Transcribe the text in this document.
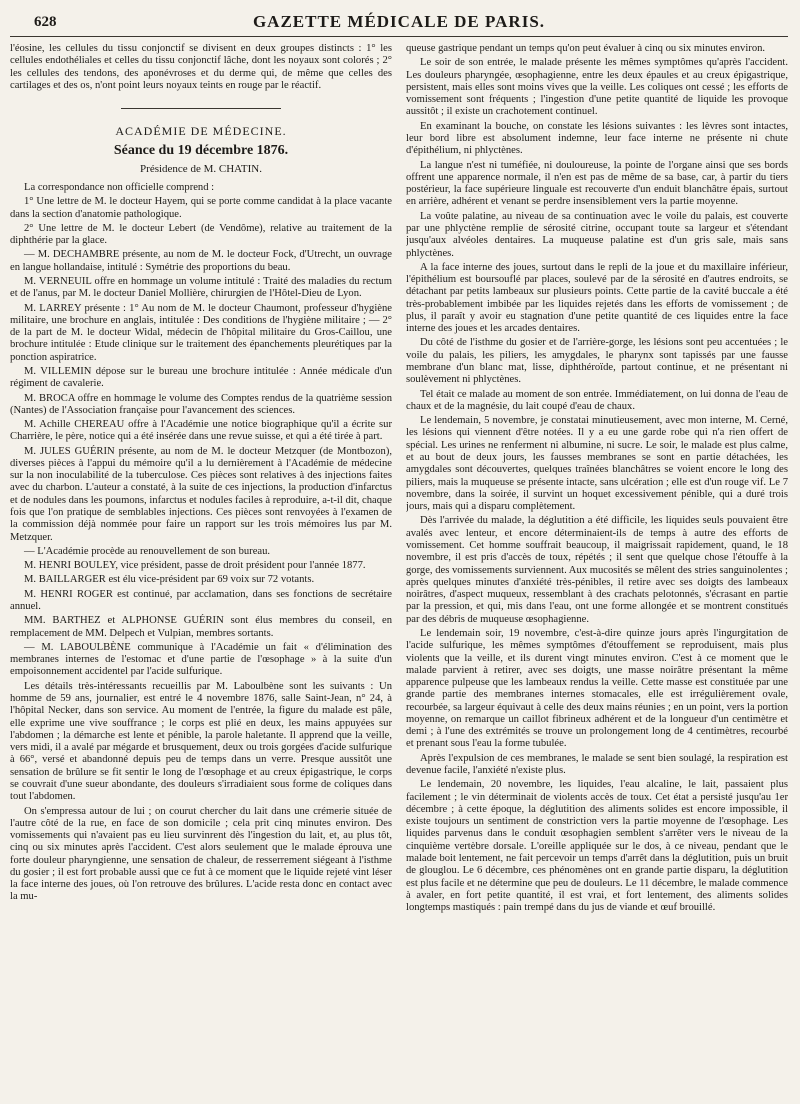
628	GAZETTE MÉDICALE DE PARIS.

l'éosine, les cellules du tissu conjonctif se divisent en deux groupes distincts : 1° les cellules endothéliales et celles du tissu conjonctif lâche, dont les noyaux sont colorés ; 2° les cellules des tendons, des aponévroses et du derme qui, de même que celles des cartilages et des os, n'ont point leurs noyaux teints en rouge par le réactif.

ACADÉMIE DE MÉDECINE.
Séance du 19 décembre 1876.
Présidence de M. CHATIN.

La correspondance non officielle comprend :

1° Une lettre de M. le docteur Hayem, qui se porte comme candidat à la place vacante dans la section d'anatomie pathologique.

2° Une lettre de M. le docteur Lebert (de Vendôme), relative au traitement de la diphthérie par la glace.

— M. DECHAMBRE présente, au nom de M. le docteur Fock, d'Utrecht, un ouvrage en langue hollandaise, intitulé : Symétrie des proportions du beau.

M. VERNEUIL offre en hommage un volume intitulé : Traité des maladies du rectum et de l'anus, par M. le docteur Daniel Mollière, chirurgien de l'Hôtel-Dieu de Lyon.

M. LARREY présente : 1° Au nom de M. le docteur Chaumont, professeur d'hygiène militaire, une brochure en anglais, intitulée : Des conditions de l'hygiène militaire ; — 2° de la part de M. le docteur Widal, médecin de l'hôpital militaire du Gros-Caillou, une brochure intitulée : Etude clinique sur le traitement des épanchements pleurétiques par la ponction aspiratrice.

M. VILLEMIN dépose sur le bureau une brochure intitulée : Année médicale d'un régiment de cavalerie.

M. BROCA offre en hommage le volume des Comptes rendus de la quatrième session (Nantes) de l'Association française pour l'avancement des sciences.

M. Achille CHEREAU offre à l'Académie une notice biographique qu'il a écrite sur Charrière, le père, notice qui a été insérée dans une revue suisse, et qui a été tirée à part.

M. JULES GUÉRIN présente, au nom de M. le docteur Metzquer (de Montbozon), diverses pièces à l'appui du mémoire qu'il a lu dernièrement à l'Académie de médecine sur la non inoculabilité de la tuberculose. Ces pièces sont relatives à des injections faites avec du charbon. L'auteur a constaté, à la suite de ces injections, la production d'infarctus et de nodules dans les poumons, infarctus et nodules faciles à reproduire, a-t-il dit, chaque fois que l'on pratique de semblables injections. Ces pièces sont renvoyées à l'examen de la commission déjà nommée pour faire un rapport sur les trois mémoires lus par M. Metzquer.

— L'Académie procède au renouvellement de son bureau.

M. HENRI BOULEY, vice président, passe de droit président pour l'année 1877.

M. BAILLARGER est élu vice-président par 69 voix sur 72 votants.

M. HENRI ROGER est continué, par acclamation, dans ses fonctions de secrétaire annuel.

MM. BARTHEZ et ALPHONSE GUÉRIN sont élus membres du conseil, en remplacement de MM. Delpech et Vulpian, membres sortants.

— M. LABOULBÈNE communique à l'Académie un fait « d'élimination des membranes internes de l'estomac et d'une partie de l'œsophage » à la suite d'un empoisonnement accidentel par l'acide sulfurique.

Les détails très-intéressants recueillis par M. Laboulbène sont les suivants : Un homme de 59 ans, journalier, est entré le 4 novembre 1876, salle Saint-Jean, n° 24, à l'hôpital Necker, dans son service. Au moment de l'entrée, la figure du malade est pâle, elle exprime une vive souffrance ; le corps est plié en deux, les mains appuyées sur l'abdomen ; la démarche est lente et pénible, la parole haletante. Il apprend que la veille, vers midi, il a avalé par mégarde et brusquement, deux ou trois gorgées d'acide sulfurique à 66°, versé et abandonné depuis peu de temps dans un verre. Presque aussitôt une sensation de brûlure se fit sentir le long de l'œsophage et au creux épigastrique, le corps se couvrait d'une sueur abondante, des douleurs s'irradiaient sous forme de coliques dans tout l'abdomen.

On s'empressa autour de lui ; on courut chercher du lait dans une crémerie située de l'autre côté de la rue, en face de son domicile ; cela prit cinq minutes environ. Des vomissements qui n'avaient pas eu lieu survinrent dès l'ingestion du lait, et, au plus tôt, cinq ou six minutes après l'accident. C'est alors seulement que le malade éprouva une forte douleur pharyngienne, une sensation de chaleur, de resserrement siégeant à l'isthme du gosier ; il est fort probable aussi que ce fut à ce moment que le liquide rejeté vint léser la face interne des joues, où l'on retrouve des brûlures. L'acide resta donc en contact avec la mu-

queuse gastrique pendant un temps qu'on peut évaluer à cinq ou six minutes environ.

Le soir de son entrée, le malade présente les mêmes symptômes qu'après l'accident. Les douleurs pharyngée, œsophagienne, entre les deux épaules et au creux épigastrique, persistent, mais elles sont moins vives que la veille. Les coliques ont cessé ; les efforts de vomissement sont fréquents ; l'ingestion d'une petite quantité de liquide les provoque aussitôt ; il existe un crachotement continuel.

En examinant la bouche, on constate les lésions suivantes : les lèvres sont intactes, leur bord libre est absolument indemne, leur face interne ne présente ni chute d'épithélium, ni phlyctènes.

La langue n'est ni tuméfiée, ni douloureuse, la pointe de l'organe ainsi que ses bords offrent une apparence normale, il n'en est pas de même de sa base, car, à partir du tiers postérieur, la face supérieure linguale est recouverte d'un enduit blanchâtre épais, surtout en arrière, adhérent et venant se perdre insensiblement vers la partie moyenne.

La voûte palatine, au niveau de sa continuation avec le voile du palais, est couverte par une phlyctène remplie de sérosité citrine, occupant toute sa largeur et s'étendant jusqu'aux alvéoles dentaires. La muqueuse palatine est d'un gris sale, mais sans phlyctènes.

A la face interne des joues, surtout dans le repli de la joue et du maxillaire inférieur, l'épithélium est boursouflé par places, soulevé par de la sérosité en d'autres endroits, se détachant par petits lambeaux sur plusieurs points. Cette partie de la cavité buccale a été très-probablement imbibée par les liquides rejetés dans les efforts de vomissement ; de plus, il paraît y avoir eu stagnation d'une petite quantité de ces liquides entre la face interne des joues et les arcades dentaires.

Du côté de l'isthme du gosier et de l'arrière-gorge, les lésions sont peu accentuées ; le voile du palais, les piliers, les amygdales, le pharynx sont tapissés par une fausse membrane d'un blanc mat, lisse, diphthéroïde, partout continue, et ne présentant ni soulèvement ni phlyctènes.

Tel était ce malade au moment de son entrée. Immédiatement, on lui donna de l'eau de chaux et de la magnésie, du lait coupé d'eau de chaux.

Le lendemain, 5 novembre, je constatai minutieusement, avec mon interne, M. Cerné, les lésions qui viennent d'être notées. Il y a eu une garde robe qui n'a rien offert de spécial. Les urines ne renferment ni albumine, ni sucre. Le soir, le malade est plus calme, et au bout de deux jours, les fausses membranes se sont en partie détachées, les amygdales sont découvertes, quelques traînées blanchâtres se voient encore le long des piliers, mais la muqueuse se présente intacte, sans ulcération ; elle est d'un rouge vif. Le 7 novembre, dans la soirée, il survint un hoquet excessivement pénible, qui a duré trois jours, mais qui a disparu complètement.

Dès l'arrivée du malade, la déglutition a été difficile, les liquides seuls pouvaient être avalés avec lenteur, et encore déterminaient-ils de temps à autre des efforts de vomissement. Cet homme souffrait beaucoup, il maigrissait rapidement, quand, le 18 novembre, il est pris d'accès de toux, répétés ; il sent que quelque chose l'étouffe à la gorge, des vomissements surviennent. Aux mucosités se mêlent des stries sanguinolentes ; après quelques minutes d'anxiété très-pénibles, il retire avec ses doigts des lambeaux noirâtres, d'aspect muqueux, ressemblant à des crachats pelotonnés, s'écrasant en partie par la pression, et qui, mis dans l'eau, ont une forme allongée et se montrent constitués par des débris de muqueuse œsophagienne.

Le lendemain soir, 19 novembre, c'est-à-dire quinze jours après l'ingurgitation de l'acide sulfurique, les mêmes symptômes d'étouffement se reproduisent, mais plus violents que la veille, et ils durent vingt minutes environ. C'est à ce moment que le malade parvient à retirer, avec ses doigts, une masse noirâtre présentant la même apparence pulpeuse que les lambeaux rendus la veille. Cette masse est constituée par une grande partie des membranes internes stomacales, elle est irrégulièrement ovale, recourbée, sa largeur équivaut à celle des deux mains réunies ; en un point, vers la portion moyenne, on remarque un caillot fibrineux adhérent et de la longueur d'un centimètre et demi ; à l'une des extrémités se trouve un prolongement long de 4 centimètres, recourbé et prenant sous l'eau la forme tubulée.

Après l'expulsion de ces membranes, le malade se sent bien soulagé, la respiration est devenue facile, l'anxiété n'existe plus.

Le lendemain, 20 novembre, les liquides, l'eau alcaline, le lait, passaient plus facilement ; le vin déterminait de violents accès de toux. Cet état a persisté jusqu'au 1er décembre ; à cette époque, la déglutition des aliments solides est encore impossible, il existe toujours un sentiment de constriction vers la partie moyenne de l'œsophage. Les liquides parvenus dans le conduit œsophagien semblent s'arrêter vers le niveau de la cinquième vertèbre dorsale. L'oreille appliquée sur le dos, à ce niveau, pendant que le malade boit lentement, ne fait percevoir un temps d'arrêt dans la déglutition, puis un bruit de glouglou. Le 6 décembre, ces phénomènes ont en grande partie disparu, la déglutition est plus facile et ne détermine que peu de douleurs. Le 11 décembre, le malade commence à avaler, en fort petite quantité, il est vrai, et fort lentement, des aliments solides longtemps mastiqués : pain trempé dans du jus de viande et œuf brouillé.
